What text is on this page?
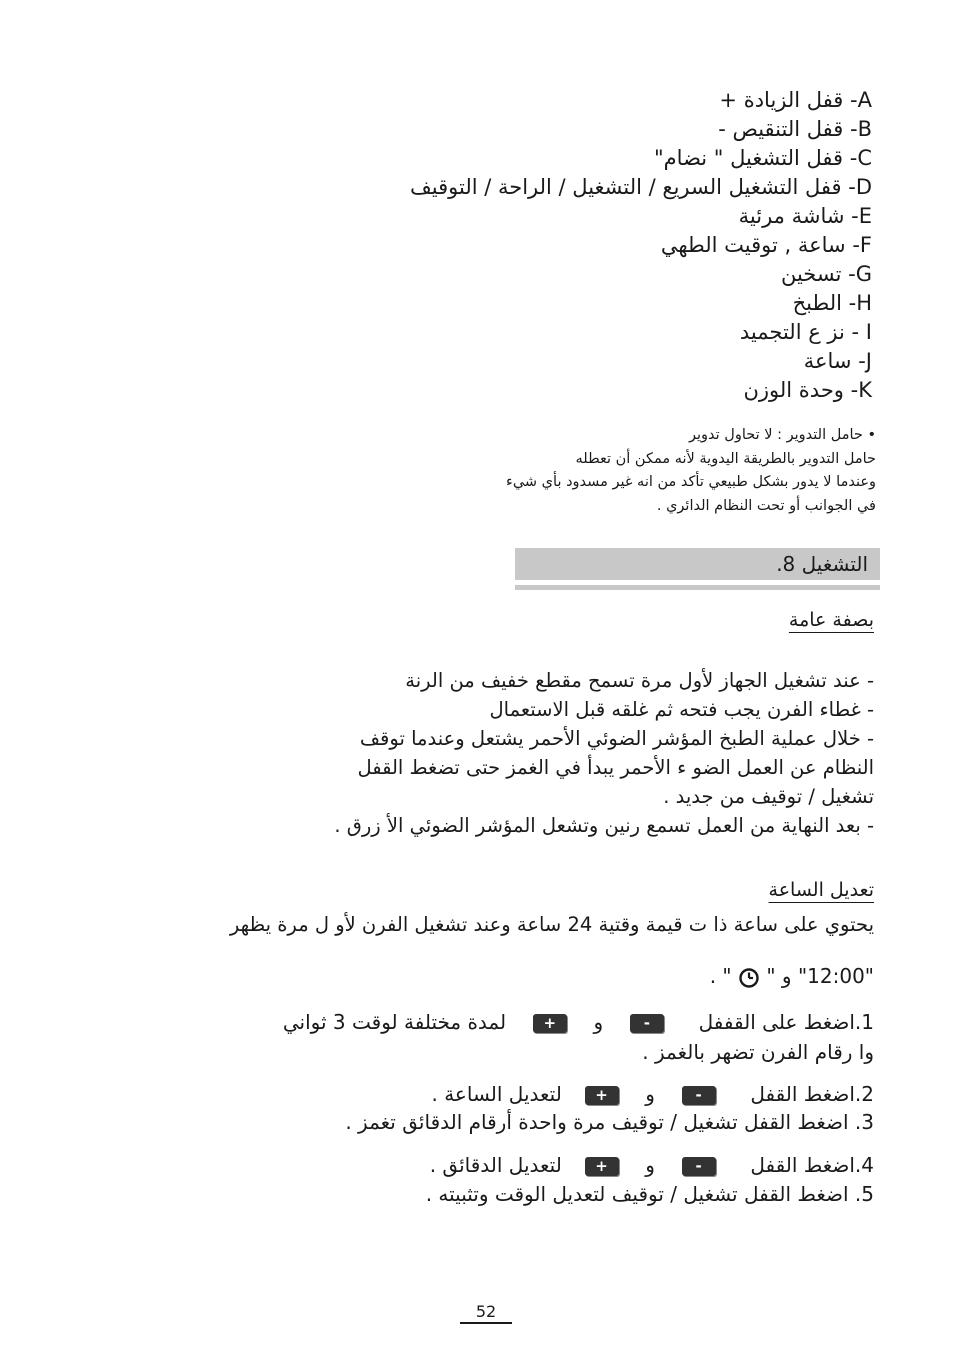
A- قفل الزيادة +
B- قفل التنقيص -
C- قفل التشغيل " نضام"
D- قفل التشغيل السريع / التشغيل / الراحة / التوقيف
E- شاشة مرئية
F- ساعة , توقيت الطهي
G- تسخين
H- الطبخ
I - نز ع التجميد
J- ساعة
K- وحدة الوزن

• حامل التدوير : لا تحاول تدوير

حامل التدوير بالطريقة اليدوية لأنه ممكن أن تعطله

وعندما لا يدور بشكل طبيعي تأكد من انه غير مسدود بأي شيء

في الجوانب أو تحت النظام الدائري .

التشغيل 8.
بصفة عامة

- عند تشغيل الجهاز لأول مرة تسمح مقطع خفيف من الرنة

- غطاء الفرن يجب فتحه ثم غلقه قبل الاستعمال

- خلال عملية الطبخ المؤشر الضوئي الأحمر يشتعل وعندما توقف

النظام عن العمل الضو ء الأحمر يبدأ في الغمز حتى تضغط القفل

تشغيل / توقيف من جديد .

- بعد النهاية من العمل تسمع رنين وتشعل المؤشر الضوئي الأ زرق .

تعديل الساعة
يحتوي على ساعة ذا ت قيمة وقتية 24 ساعة وعند تشغيل الفرن لأو ل مرة يظهر
"12:00" و "  " .
1.اضغط على القففل  -  و  +  لمدة مختلفة لوقت 3 ثواني
وا رقام الفرن تضهر بالغمز .
2.اضغط القفل  -  و  +  لتعديل الساعة .
3. اضغط القفل تشغيل / توقيف مرة واحدة أرقام الدقائق تغمز .
4.اضغط القفل  -  و  +  لتعديل الدقائق .
5. اضغط القفل تشغيل / توقيف لتعديل الوقت وتثبيته .
52
